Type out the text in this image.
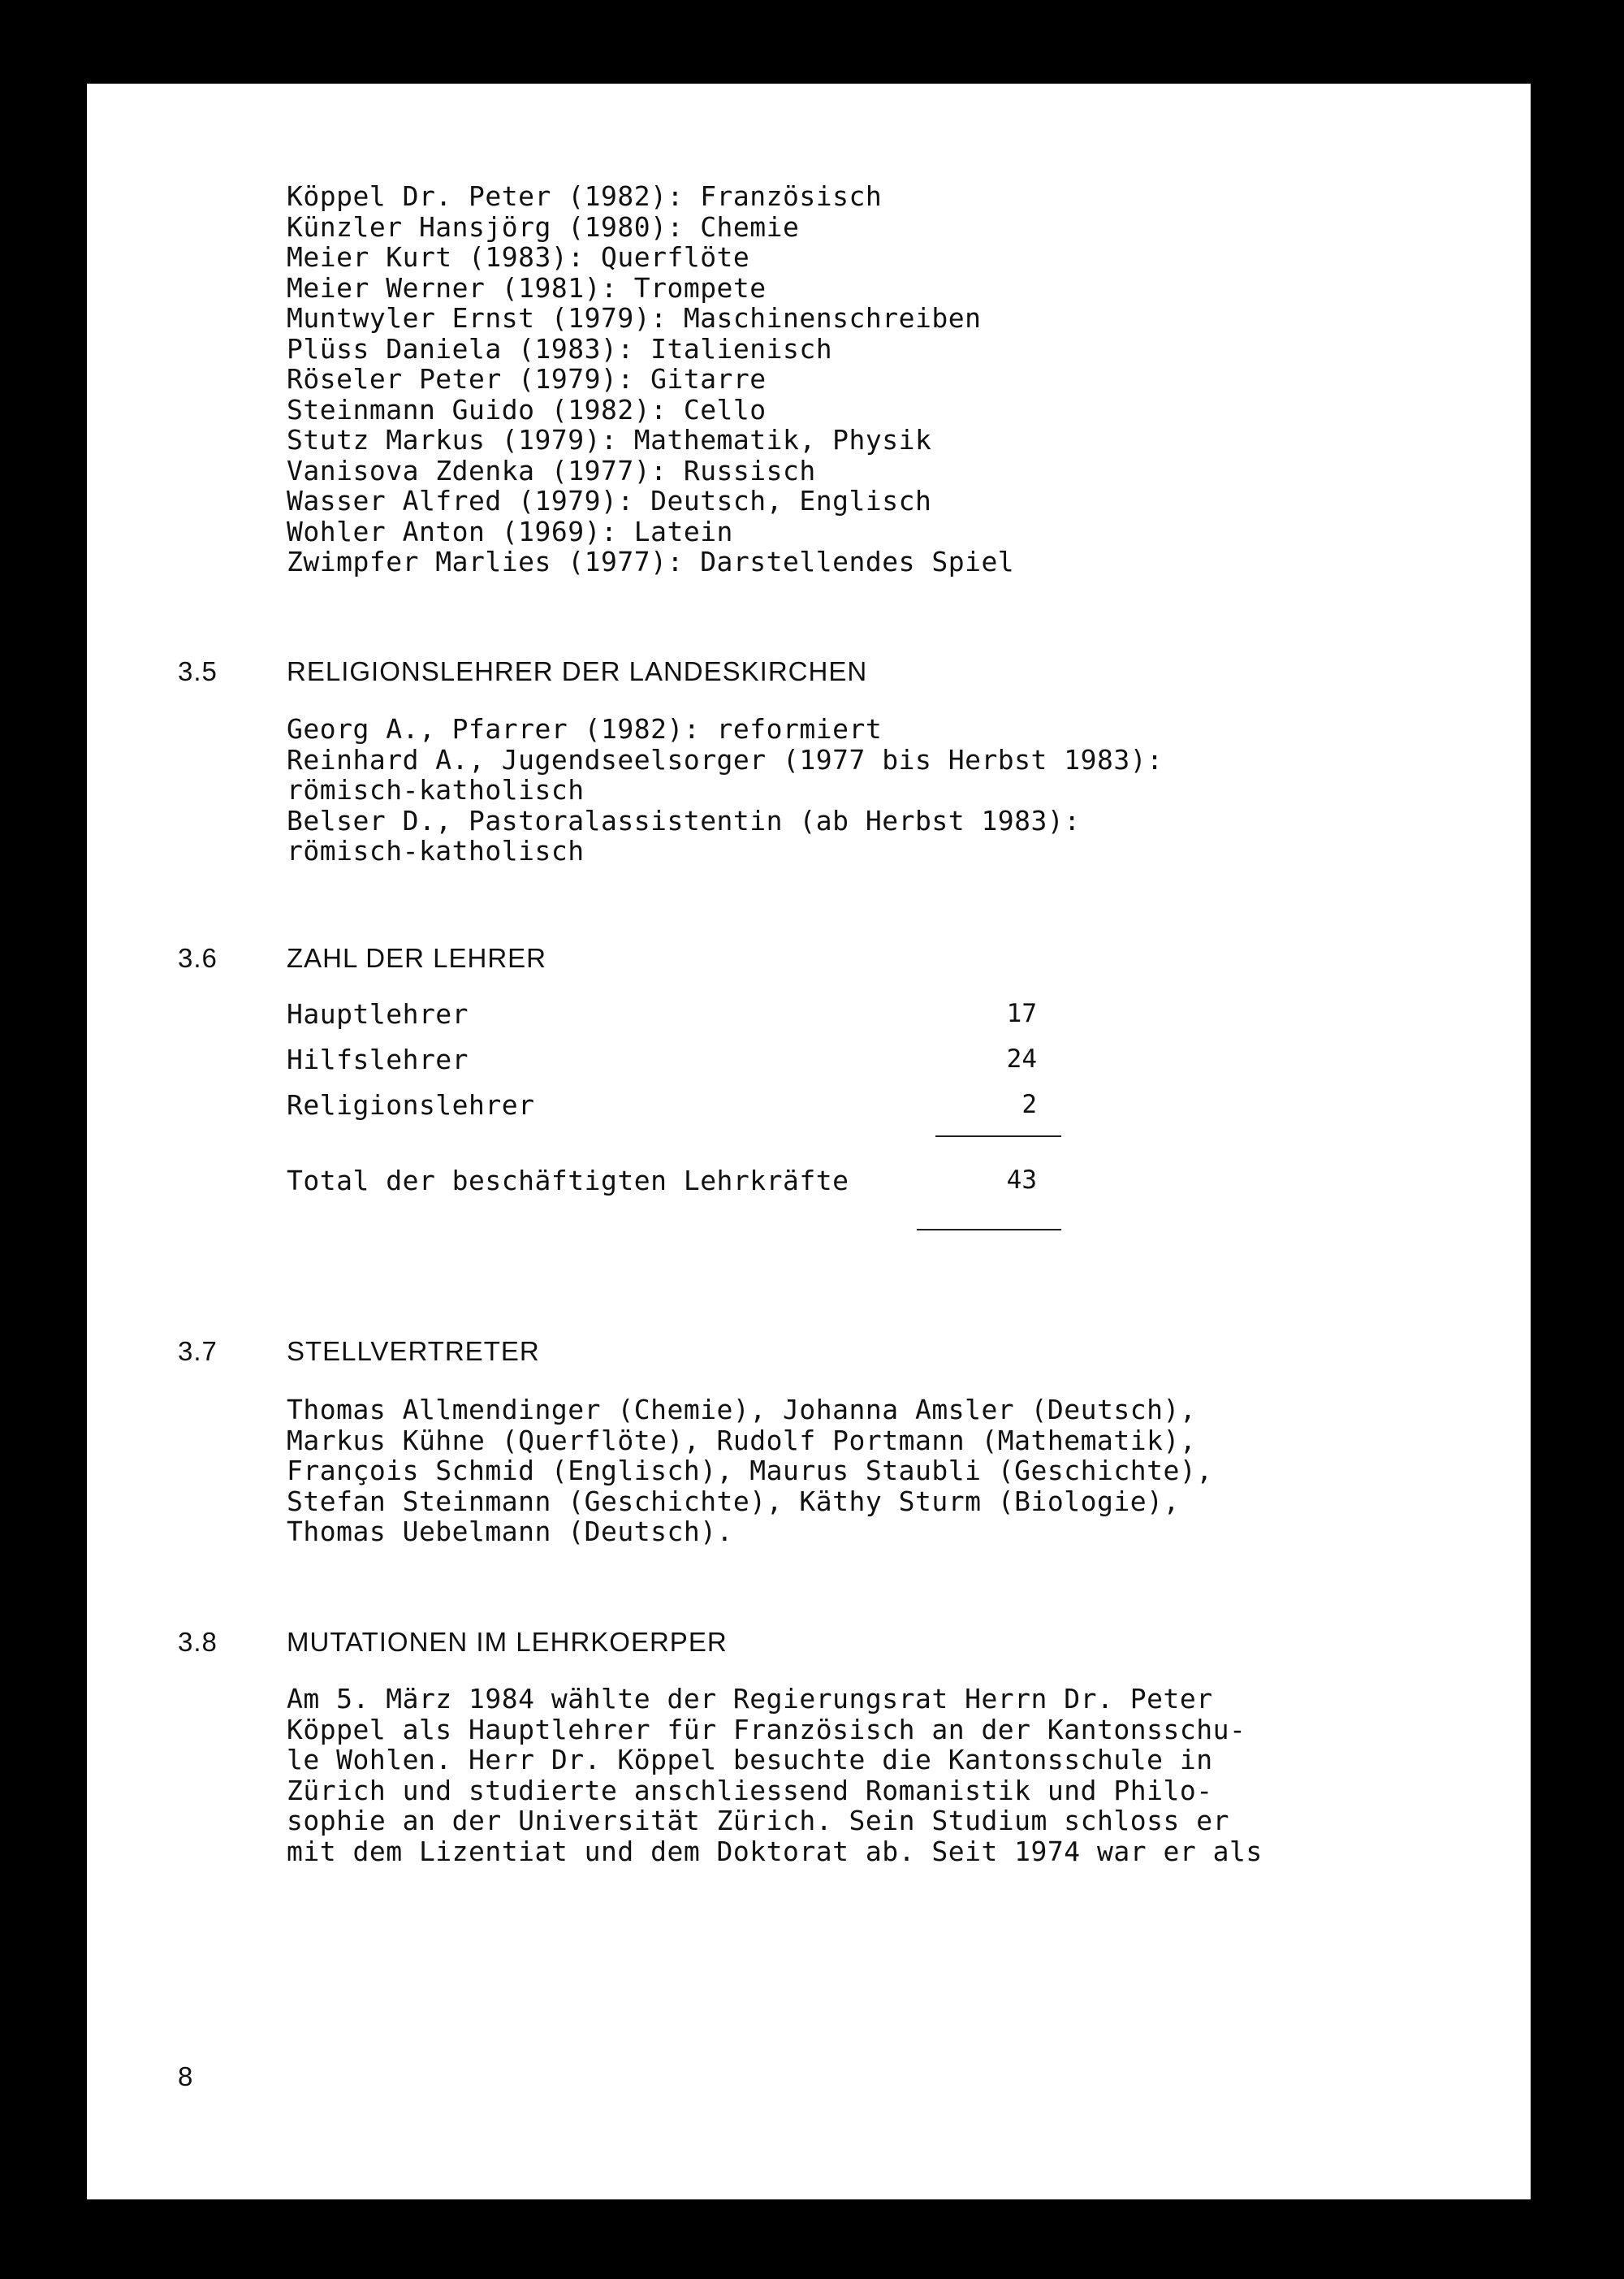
Köppel Dr. Peter (1982): Französisch

Künzler Hansjörg (1980): Chemie

Meier Kurt (1983): Querflöte

Meier Werner (1981): Trompete

Muntwyler Ernst (1979): Maschinenschreiben

Plüss Daniela (1983): Italienisch

Röseler Peter (1979): Gitarre

Steinmann Guido (1982): Cello

Stutz Markus (1979): Mathematik, Physik

Vanisova Zdenka (1977): Russisch

Wasser Alfred (1979): Deutsch, Englisch

Wohler Anton (1969): Latein

Zwimpfer Marlies (1977): Darstellendes Spiel

3.5	RELIGIONSLEHRER DER LANDESKIRCHEN

Georg A., Pfarrer (1982): reformiert

Reinhard A., Jugendseelsorger (1977 bis Herbst 1983):

römisch-katholisch

Belser D., Pastoralassistentin (ab Herbst 1983):

römisch-katholisch

3.6	ZAHL DER LEHRER
Hauptlehrer	17
Hilfslehrer	24
Religionslehrer	2
Total der beschäftigten Lehrkräfte	43
3.7	STELLVERTRETER

Thomas Allmendinger (Chemie), Johanna Amsler (Deutsch),

Markus Kühne (Querflöte), Rudolf Portmann (Mathematik),

François Schmid (Englisch), Maurus Staubli (Geschichte),

Stefan Steinmann (Geschichte), Käthy Sturm (Biologie),

Thomas Uebelmann (Deutsch).

3.8	MUTATIONEN IM LEHRKOERPER

Am 5. März 1984 wählte der Regierungsrat Herrn Dr. Peter

Köppel als Hauptlehrer für Französisch an der Kantonsschu-

le Wohlen. Herr Dr. Köppel besuchte die Kantonsschule in

Zürich und studierte anschliessend Romanistik und Philo-

sophie an der Universität Zürich. Sein Studium schloss er

mit dem Lizentiat und dem Doktorat ab. Seit 1974 war er als

8
